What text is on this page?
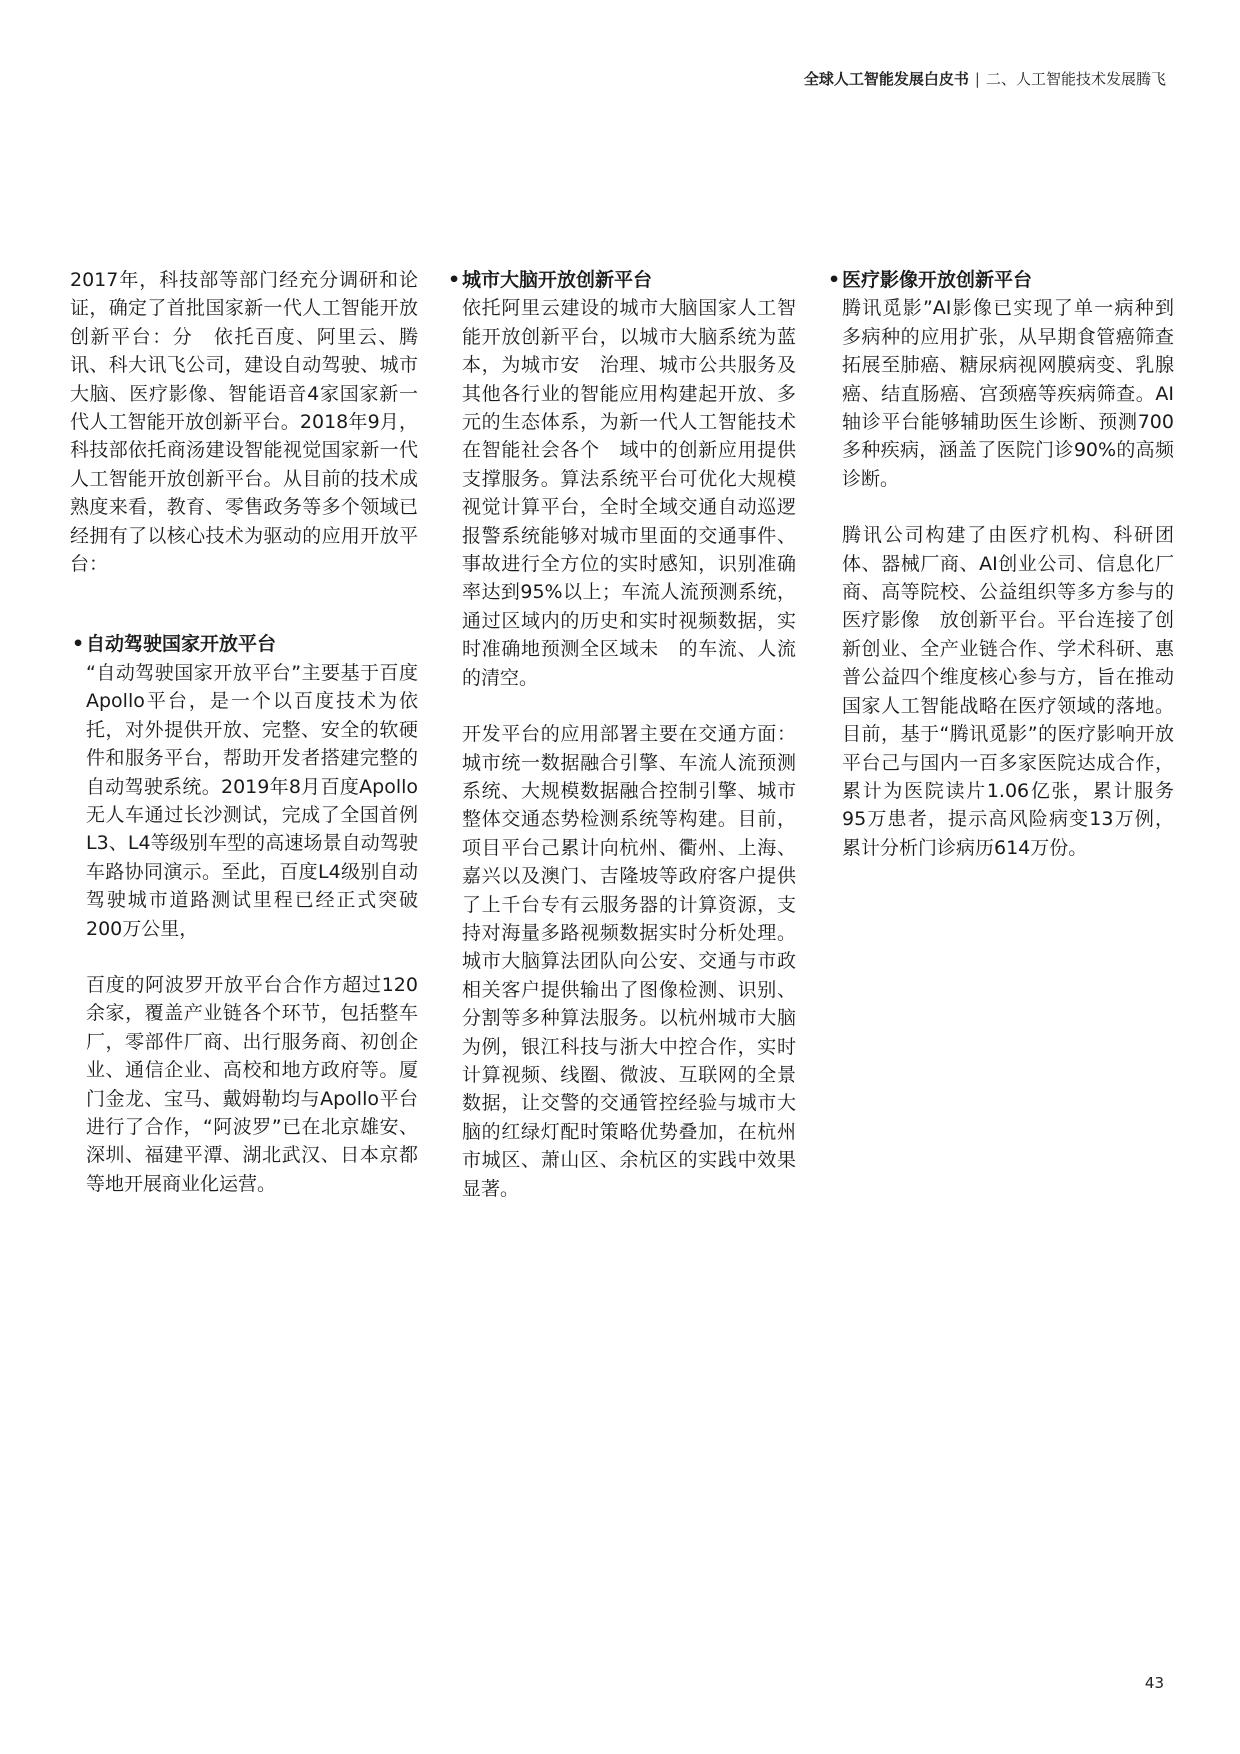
全球人工智能发展白皮书 | 二、人工智能技术发展腾飞

2017年，科技部等部门经充分调研和论证，确定了首批国家新一代人工智能开放创新平台：分　依托百度、阿里云、腾讯、科大讯飞公司，建设自动驾驶、城市大脑、医疗影像、智能语音4家国家新一代人工智能开放创新平台。2018年9月，科技部依托商汤建设智能视觉国家新一代人工智能开放创新平台。从目前的技术成熟度来看，教育、零售政务等多个领域已经拥有了以核心技术为驱动的应用开放平台：

• 自动驾驶国家开放平台

“自动驾驶国家开放平台”主要基于百度Apollo平台，是一个以百度技术为依托，对外提供开放、完整、安全的软硬件和服务平台，帮助开发者搭建完整的自动驾驶系统。2019年8月百度Apollo无人车通过长沙测试，完成了全国首例L3、L4等级别车型的高速场景自动驾驶车路协同演示。至此，百度L4级别自动驾驶城市道路测试里程已经正式突破200万公里，

百度的阿波罗开放平台合作方超过120余家，覆盖产业链各个环节，包括整车厂，零部件厂商、出行服务商、初创企业、通信企业、高校和地方政府等。厦门金龙、宝马、戴姆勒均与Apollo平台进行了合作，“阿波罗”已在北京雄安、深圳、福建平潭、湖北武汉、日本京都等地开展商业化运营。

• 城市大脑开放创新平台

依托阿里云建设的城市大脑国家人工智能开放创新平台，以城市大脑系统为蓝本，为城市安　治理、城市公共服务及其他各行业的智能应用构建起开放、多元的生态体系，为新一代人工智能技术在智能社会各个　域中的创新应用提供支撑服务。算法系统平台可优化大规模视觉计算平台，全时全域交通自动巡逻报警系统能够对城市里面的交通事件、事故进行全方位的实时感知，识别准确率达到95%以上；车流人流预测系统，通过区域内的历史和实时视频数据，实时准确地预测全区域未　的车流、人流的清空。

开发平台的应用部署主要在交通方面：城市统一数据融合引擎、车流人流预测系统、大规模数据融合控制引擎、城市整体交通态势检测系统等构建。目前，项目平台己累计向杭州、衢州、上海、嘉兴以及澳门、吉隆坡等政府客户提供了上千台专有云服务器的计算资源，支持对海量多路视频数据实时分析处理。城市大脑算法团队向公安、交通与市政相关客户提供输出了图像检测、识别、分割等多种算法服务。以杭州城市大脑为例，银江科技与浙大中控合作，实时计算视频、线圈、微波、互联网的全景数据，让交警的交通管控经验与城市大脑的红绿灯配时策略优势叠加，在杭州市城区、萧山区、余杭区的实践中效果显著。

• 医疗影像开放创新平台

腾讯觅影”AI影像已实现了单一病种到多病种的应用扩张，从早期食管癌筛查拓展至肺癌、糖尿病视网膜病变、乳腺癌、结直肠癌、宫颈癌等疾病筛查。AI轴诊平台能够辅助医生诊断、预测700多种疾病，涵盖了医院门诊90%的高频诊断。

腾讯公司构建了由医疗机构、科研团体、器械厂商、AI创业公司、信息化厂商、高等院校、公益组织等多方参与的医疗影像　放创新平台。平台连接了创新创业、全产业链合作、学术科研、惠普公益四个维度核心参与方，旨在推动国家人工智能战略在医疗领域的落地。目前，基于“腾讯觅影”的医疗影响开放平台己与国内一百多家医院达成合作，累计为医院读片1.06亿张，累计服务95万患者，提示高风险病变13万例，累计分析门诊病历614万份。

43
